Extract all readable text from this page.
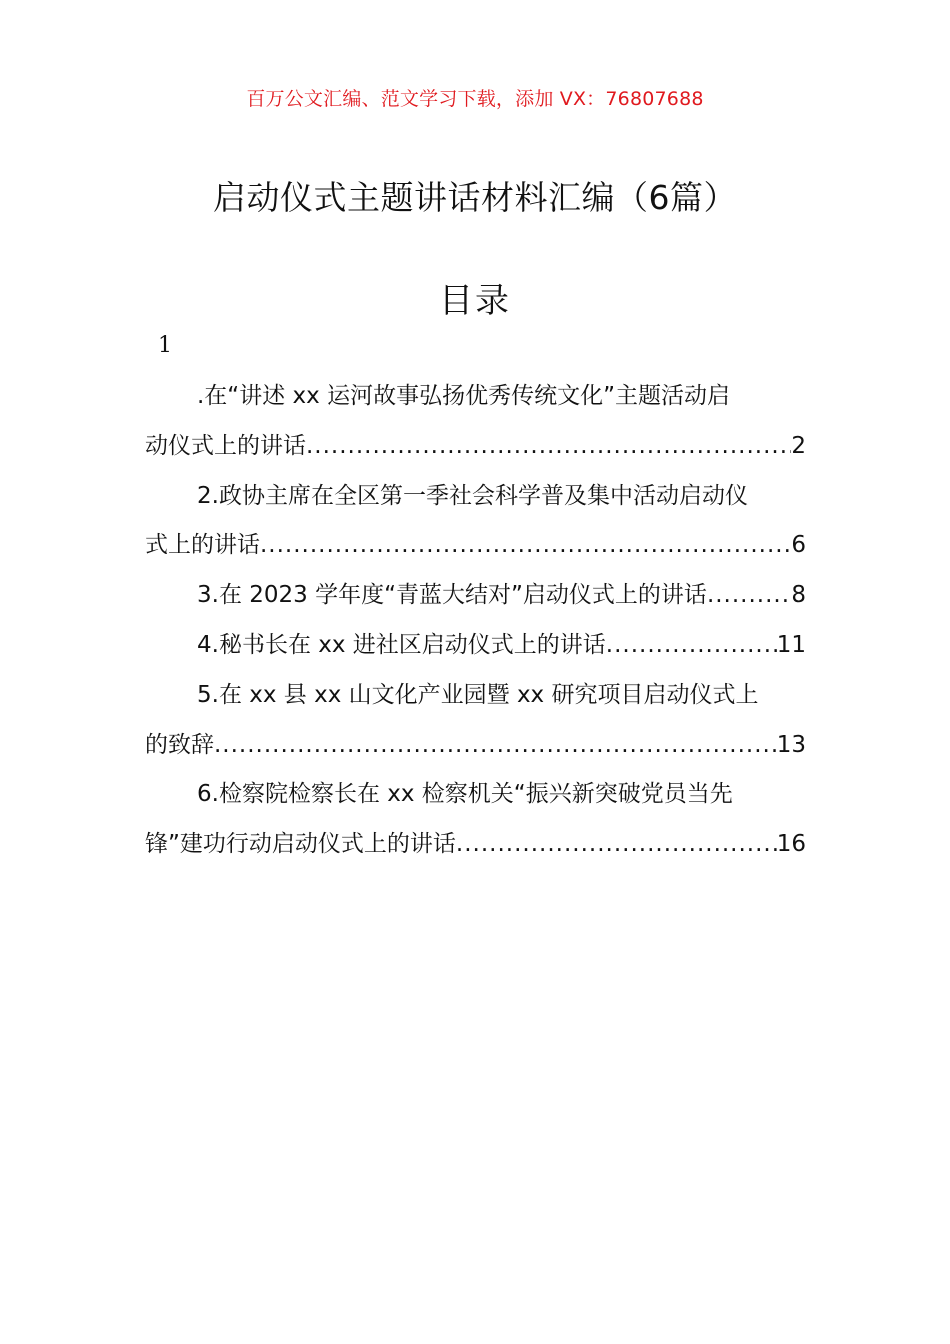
百万公文汇编、范文学习下载，添加 VX：76807688
启动仪式主题讲话材料汇编（6篇）
目录
1
.在“讲述 xx 运河故事弘扬优秀传统文化”主题活动启
动仪式上的讲话 .....	2
2.政协主席在全区第一季社会科学普及集中活动启动仪
式上的讲话 .....	6
3.在 2023 学年度“青蓝大结对”启动仪式上的讲话 .....	8
4.秘书长在 xx 进社区启动仪式上的讲话 .....	11
5.在 xx 县 xx 山文化产业园暨 xx 研究项目启动仪式上
的致辞 .....	13
6.检察院检察长在 xx 检察机关“振兴新突破党员当先
锋”建功行动启动仪式上的讲话 .....	16
